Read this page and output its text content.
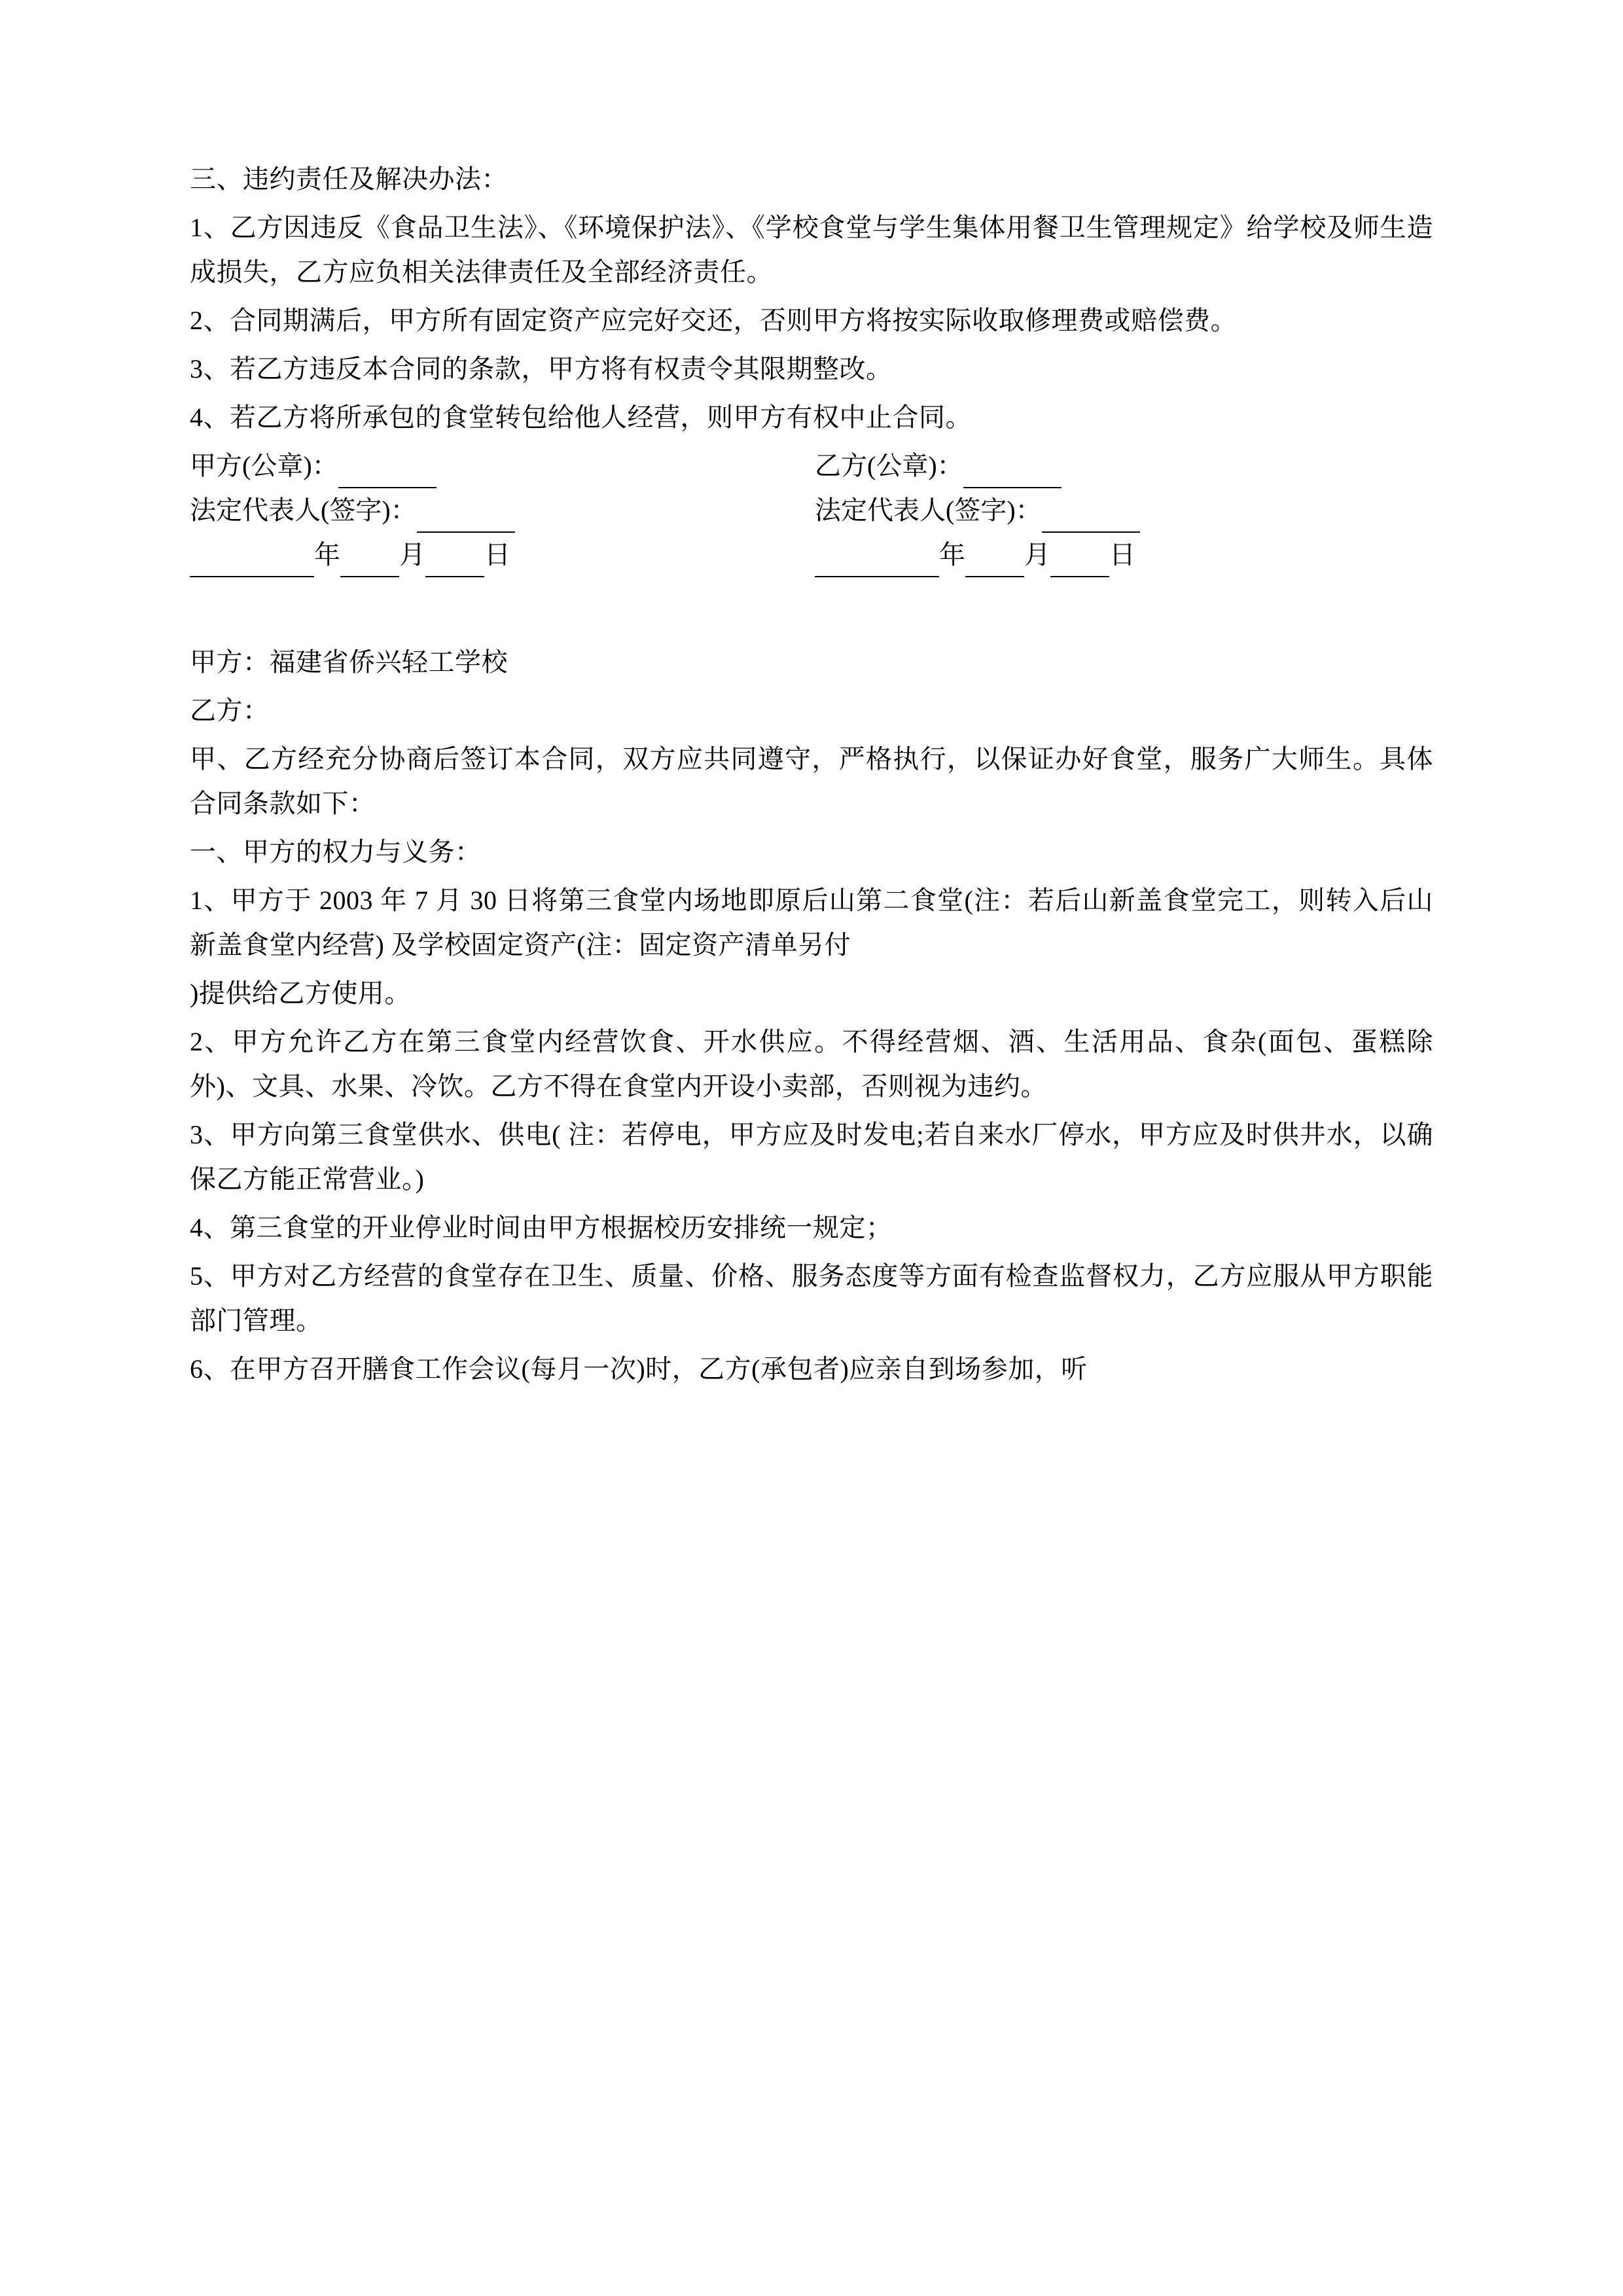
三、违约责任及解决办法：

1、乙方因违反《食品卫生法》、《环境保护法》、《学校食堂与学生集体用餐卫生管理规定》给学校及师生造成损失，乙方应负相关法律责任及全部经济责任。

2、合同期满后，甲方所有固定资产应完好交还，否则甲方将按实际收取修理费或赔偿费。

3、若乙方违反本合同的条款，甲方将有权责令其限期整改。

4、若乙方将所承包的食堂转包给他人经营，则甲方有权中止合同。

甲方(公章)：	乙方(公章)：
法定代表人(签字)：	法定代表人(签字)：
年 月 日	年 月 日

甲方：福建省侨兴轻工学校

乙方：

甲、乙方经充分协商后签订本合同，双方应共同遵守，严格执行，以保证办好食堂，服务广大师生。具体合同条款如下：

一、甲方的权力与义务：

1、甲方于 2003 年 7 月 30 日将第三食堂内场地即原后山第二食堂(注：若后山新盖食堂完工，则转入后山新盖食堂内经营) 及学校固定资产(注：固定资产清单另付

)提供给乙方使用。

2、甲方允许乙方在第三食堂内经营饮食、开水供应。不得经营烟、酒、生活用品、食杂(面包、蛋糕除外)、文具、水果、冷饮。乙方不得在食堂内开设小卖部，否则视为违约。

3、甲方向第三食堂供水、供电( 注：若停电，甲方应及时发电;若自来水厂停水，甲方应及时供井水，以确保乙方能正常营业。)

4、第三食堂的开业停业时间由甲方根据校历安排统一规定；

5、甲方对乙方经营的食堂存在卫生、质量、价格、服务态度等方面有检查监督权力，乙方应服从甲方职能部门管理。

6、在甲方召开膳食工作会议(每月一次)时，乙方(承包者)应亲自到场参加，听
